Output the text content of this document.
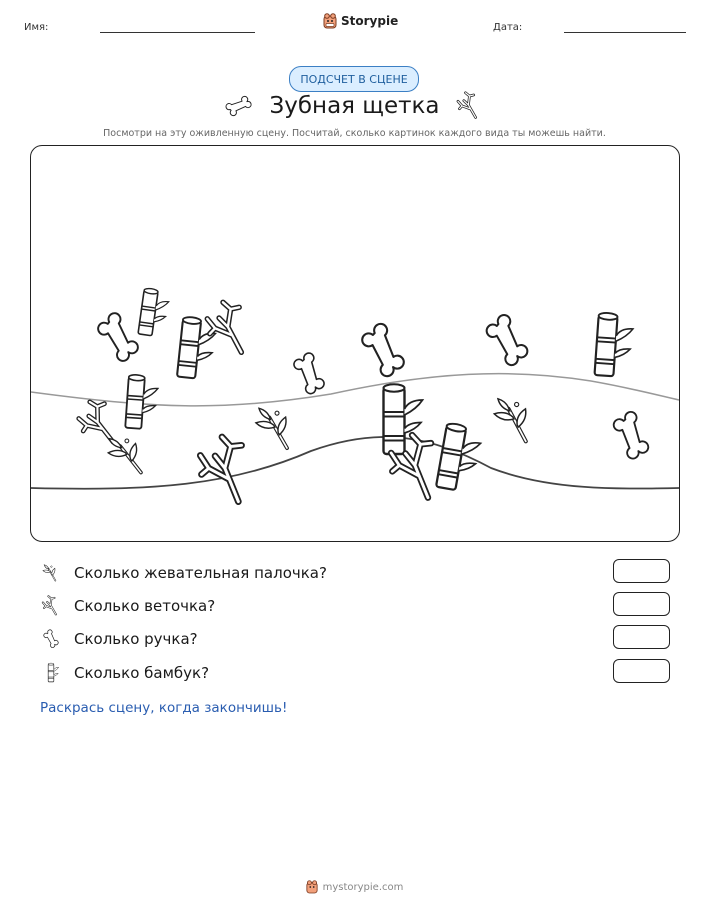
Имя:	Storypie	Дата:
ПОДСЧЕТ В СЦЕНЕ
Зубная щетка
Посмотри на эту оживленную сцену. Посчитай, сколько картинок каждого вида ты можешь найти.
Сколько жевательная палочка?
Сколько веточка?
Сколько ручка?
Сколько бамбук?
Раскрась сцену, когда закончишь!
mystorypie.com
